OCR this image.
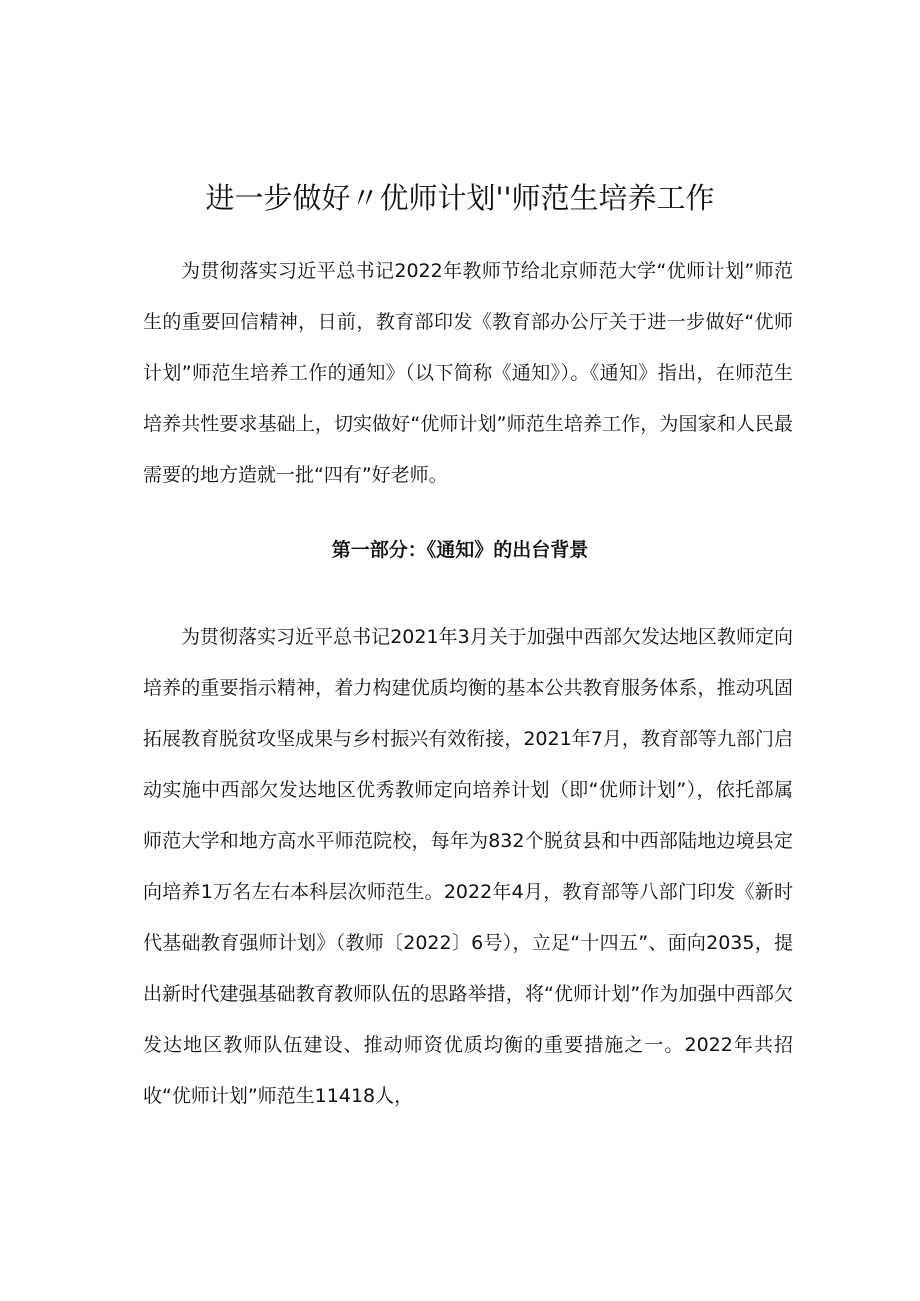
进一步做好〃优师计划''师范生培养工作

为贯彻落实习近平总书记2022年教师节给北京师范大学“优师计划”师范生的重要回信精神，日前，教育部印发《教育部办公厅关于进一步做好“优师计划”师范生培养工作的通知》（以下简称《通知》）。《通知》指出，在师范生培养共性要求基础上，切实做好“优师计划”师范生培养工作，为国家和人民最需要的地方造就一批“四有”好老师。

第一部分：《通知》的出台背景

为贯彻落实习近平总书记2021年3月关于加强中西部欠发达地区教师定向培养的重要指示精神，着力构建优质均衡的基本公共教育服务体系，推动巩固拓展教育脱贫攻坚成果与乡村振兴有效衔接，2021年7月，教育部等九部门启动实施中西部欠发达地区优秀教师定向培养计划（即“优师计划”），依托部属师范大学和地方高水平师范院校，每年为832个脱贫县和中西部陆地边境县定向培养1万名左右本科层次师范生。2022年4月，教育部等八部门印发《新时代基础教育强师计划》（教师〔2022〕6号），立足“十四五”、面向2035，提出新时代建强基础教育教师队伍的思路举措，将“优师计划”作为加强中西部欠发达地区教师队伍建设、推动师资优质均衡的重要措施之一。2022年共招收“优师计划”师范生11418人，
